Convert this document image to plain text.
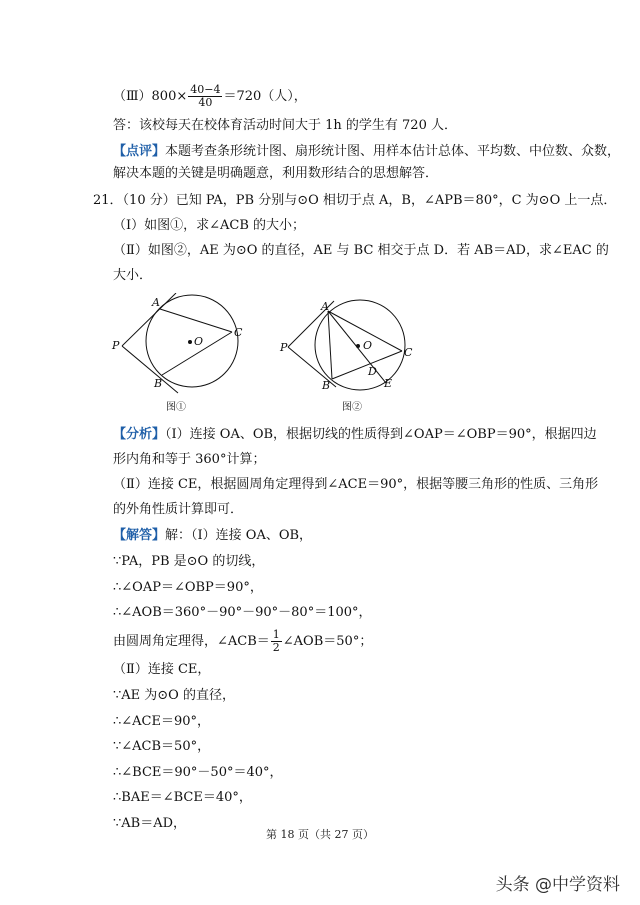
（Ⅲ）800× $\frac{40-4}{40} =720$（人），
答：该校每天在校体育活动时间大于 1h 的学生有 720 人．
【点评】本题考查条形统计图、扇形统计图、用样本估计总体、平均数、中位数、众数，
解决本题的关键是明确题意，利用数形结合的思想解答．
21．（10 分）已知 PA，PB 分别与⊙O 相切于点 A，B，∠APB＝80°，C 为⊙O 上一点．
（Ⅰ）如图①，求∠ACB 的大小；
（Ⅱ）如图②，AE 为⊙O 的直径，AE 与 BC 相交于点 D．若 AB＝AD，求∠EAC 的
大小．
【分析】（Ⅰ）连接 OA、OB，根据切线的性质得到∠OAP＝∠OBP＝90°，根据四边
形内角和等于 360°计算；
（Ⅱ）连接 CE，根据圆周角定理得到∠ACE＝90°，根据等腰三角形的性质、三角形
的外角性质计算即可．
【解答】解：（Ⅰ）连接 OA、OB，
∵PA，PB 是⊙O 的切线，
∴∠OAP＝∠OBP＝90°，
∴∠AOB＝360°－90°－90°－80°＝100°，
由圆周角定理得，∠ACB＝ $\frac{1}{2}$ ∠AOB＝50°；
（Ⅱ）连接 CE，
∵AE 为⊙O 的直径，
∴∠ACE＝90°，
∵∠ACB＝50°，
∴∠BCE＝90°－50°＝40°，
∴BAE＝∠BCE＝40°，
∵AB＝AD，
P
A
B
C
O
图①
P
A
B
C
O
D
E
图②
第 18 页（共 27 页）
头条 @中学资料
